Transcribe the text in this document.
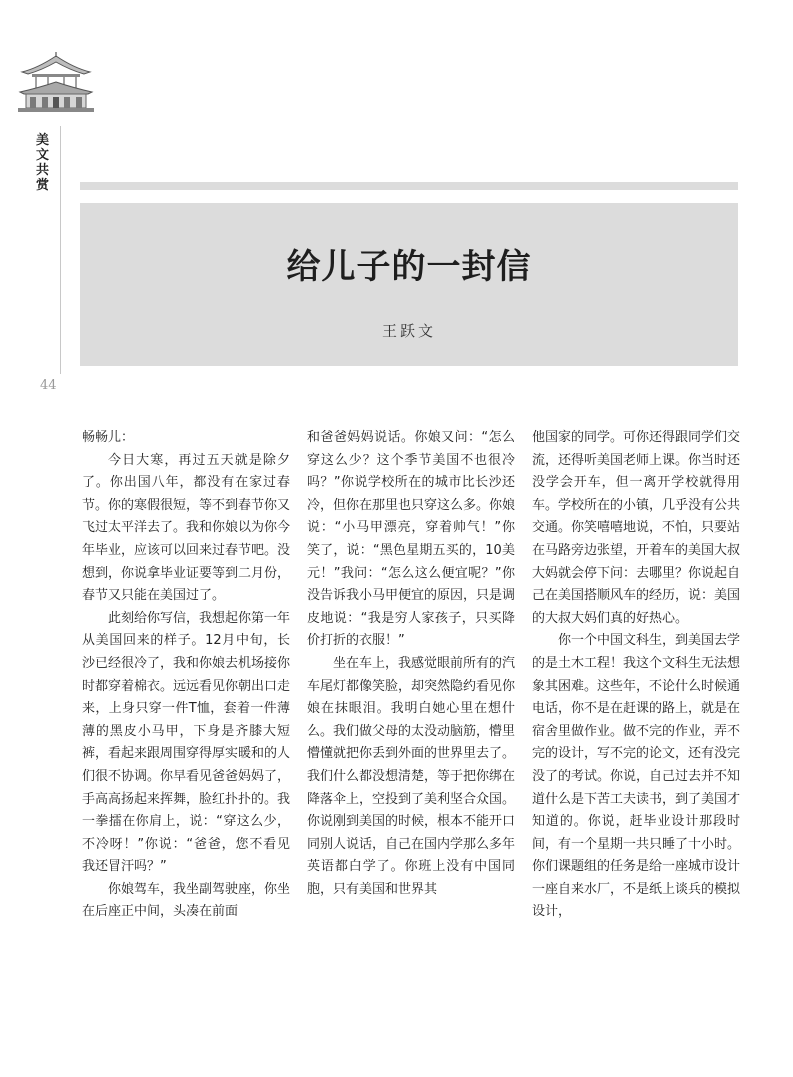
美文共赏
44
给儿子的一封信
王跃文

畅畅儿：

今日大寒，再过五天就是除夕了。你出国八年，都没有在家过春节。你的寒假很短，等不到春节你又飞过太平洋去了。我和你娘以为你今年毕业，应该可以回来过春节吧。没想到，你说拿毕业证要等到二月份，春节又只能在美国过了。

此刻给你写信，我想起你第一年从美国回来的样子。12月中旬，长沙已经很冷了，我和你娘去机场接你时都穿着棉衣。远远看见你朝出口走来，上身只穿一件T恤，套着一件薄薄的黑皮小马甲，下身是齐膝大短裤，看起来跟周围穿得厚实暖和的人们很不协调。你早看见爸爸妈妈了，手高高扬起来挥舞，脸红扑扑的。我一拳擂在你肩上，说：“穿这么少，不冷呀！”你说：“爸爸，您不看见我还冒汗吗？”

你娘驾车，我坐副驾驶座，你坐在后座正中间，头凑在前面

和爸爸妈妈说话。你娘又问：“怎么穿这么少？这个季节美国不也很冷吗？”你说学校所在的城市比长沙还冷，但你在那里也只穿这么多。你娘说：“小马甲漂亮，穿着帅气！”你笑了，说：“黑色星期五买的，10美元！”我问：“怎么这么便宜呢？”你没告诉我小马甲便宜的原因，只是调皮地说：“我是穷人家孩子，只买降价打折的衣服！”

坐在车上，我感觉眼前所有的汽车尾灯都像笑脸，却突然隐约看见你娘在抹眼泪。我明白她心里在想什么。我们做父母的太没动脑筋，懵里懵懂就把你丢到外面的世界里去了。我们什么都没想清楚，等于把你绑在降落伞上，空投到了美利坚合众国。你说刚到美国的时候，根本不能开口同别人说话，自己在国内学那么多年英语都白学了。你班上没有中国同胞，只有美国和世界其

他国家的同学。可你还得跟同学们交流，还得听美国老师上课。你当时还没学会开车，但一离开学校就得用车。学校所在的小镇，几乎没有公共交通。你笑嘻嘻地说，不怕，只要站在马路旁边张望，开着车的美国大叔大妈就会停下问：去哪里？你说起自己在美国搭顺风车的经历，说：美国的大叔大妈们真的好热心。

你一个中国文科生，到美国去学的是土木工程！我这个文科生无法想象其困难。这些年，不论什么时候通电话，你不是在赶课的路上，就是在宿舍里做作业。做不完的作业，弄不完的设计，写不完的论文，还有没完没了的考试。你说，自己过去并不知道什么是下苦工夫读书，到了美国才知道的。你说，赶毕业设计那段时间，有一个星期一共只睡了十小时。你们课题组的任务是给一座城市设计一座自来水厂，不是纸上谈兵的模拟设计，
